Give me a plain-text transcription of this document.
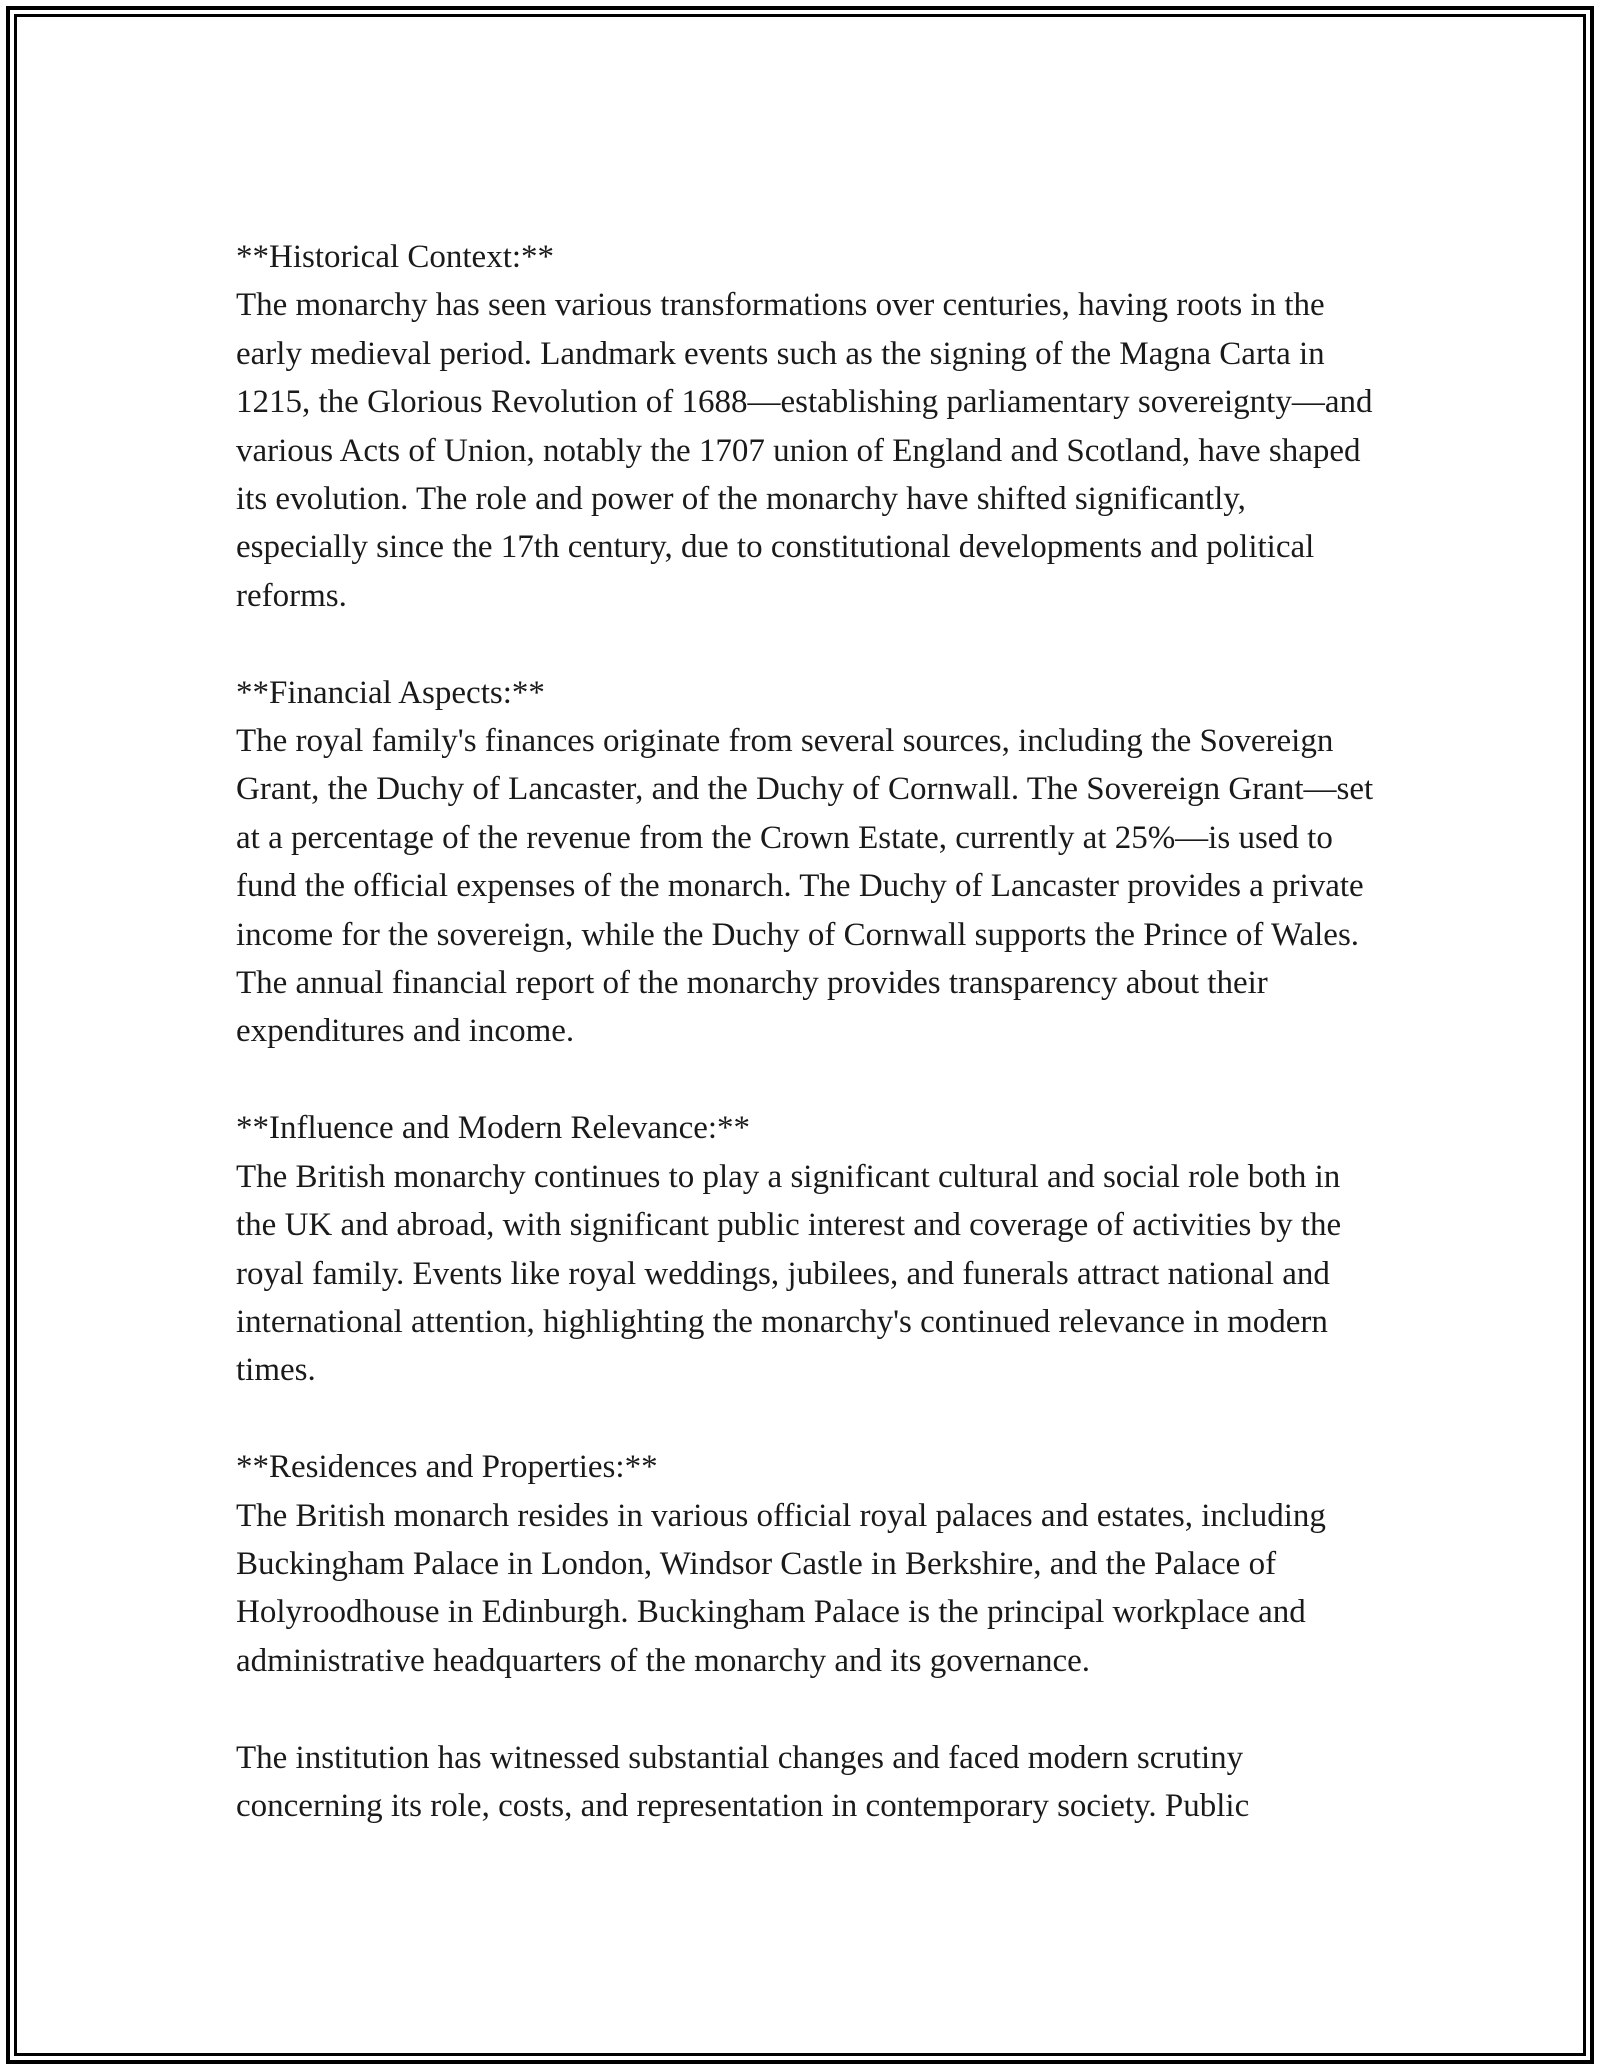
**Historical Context:**
The monarchy has seen various transformations over centuries, having roots in the early medieval period. Landmark events such as the signing of the Magna Carta in 1215, the Glorious Revolution of 1688—establishing parliamentary sovereignty—and various Acts of Union, notably the 1707 union of England and Scotland, have shaped its evolution. The role and power of the monarchy have shifted significantly, especially since the 17th century, due to constitutional developments and political reforms.
**Financial Aspects:**
The royal family's finances originate from several sources, including the Sovereign Grant, the Duchy of Lancaster, and the Duchy of Cornwall. The Sovereign Grant—set at a percentage of the revenue from the Crown Estate, currently at 25%—is used to fund the official expenses of the monarch. The Duchy of Lancaster provides a private income for the sovereign, while the Duchy of Cornwall supports the Prince of Wales. The annual financial report of the monarchy provides transparency about their expenditures and income.
**Influence and Modern Relevance:**
The British monarchy continues to play a significant cultural and social role both in the UK and abroad, with significant public interest and coverage of activities by the royal family. Events like royal weddings, jubilees, and funerals attract national and international attention, highlighting the monarchy's continued relevance in modern times.
**Residences and Properties:**
The British monarch resides in various official royal palaces and estates, including Buckingham Palace in London, Windsor Castle in Berkshire, and the Palace of Holyroodhouse in Edinburgh. Buckingham Palace is the principal workplace and administrative headquarters of the monarchy and its governance.
The institution has witnessed substantial changes and faced modern scrutiny concerning its role, costs, and representation in contemporary society. Public
